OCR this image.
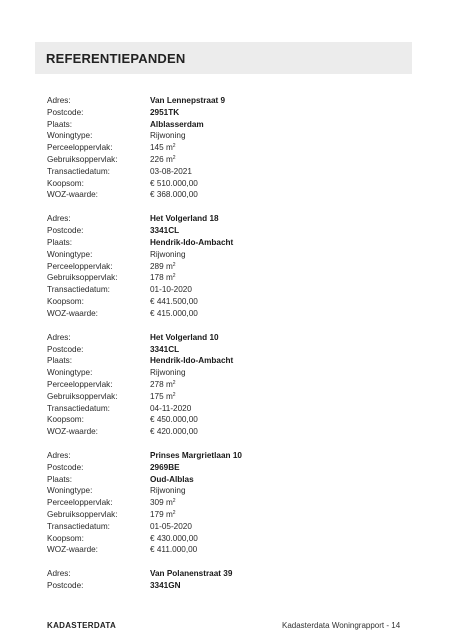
REFERENTIEPANDEN
Adres:	Van Lennepstraat 9
Postcode:	2951TK
Plaats:	Alblasserdam
Woningtype:	Rijwoning
Perceeloppervlak:	145 $m^2$
Gebruiksoppervlak:	226 $m^2$
Transactiedatum:	03-08-2021
Koopsom:	€ 510.000,00
WOZ-waarde:	€ 368.000,00
Adres:	Het Volgerland 18
Postcode:	3341CL
Plaats:	Hendrik-Ido-Ambacht
Woningtype:	Rijwoning
Perceeloppervlak:	289 $m^2$
Gebruiksoppervlak:	178 $m^2$
Transactiedatum:	01-10-2020
Koopsom:	€ 441.500,00
WOZ-waarde:	€ 415.000,00
Adres:	Het Volgerland 10
Postcode:	3341CL
Plaats:	Hendrik-Ido-Ambacht
Woningtype:	Rijwoning
Perceeloppervlak:	278 $m^2$
Gebruiksoppervlak:	175 $m^2$
Transactiedatum:	04-11-2020
Koopsom:	€ 450.000,00
WOZ-waarde:	€ 420.000,00
Adres:	Prinses Margrietlaan 10
Postcode:	2969BE
Plaats:	Oud-Alblas
Woningtype:	Rijwoning
Perceeloppervlak:	309 $m^2$
Gebruiksoppervlak:	179 $m^2$
Transactiedatum:	01-05-2020
Koopsom:	€ 430.000,00
WOZ-waarde:	€ 411.000,00
Adres:	Van Polanenstraat 39
Postcode:	3341GN
KADASTERDATA	Kadasterdata Woningrapport - 14
